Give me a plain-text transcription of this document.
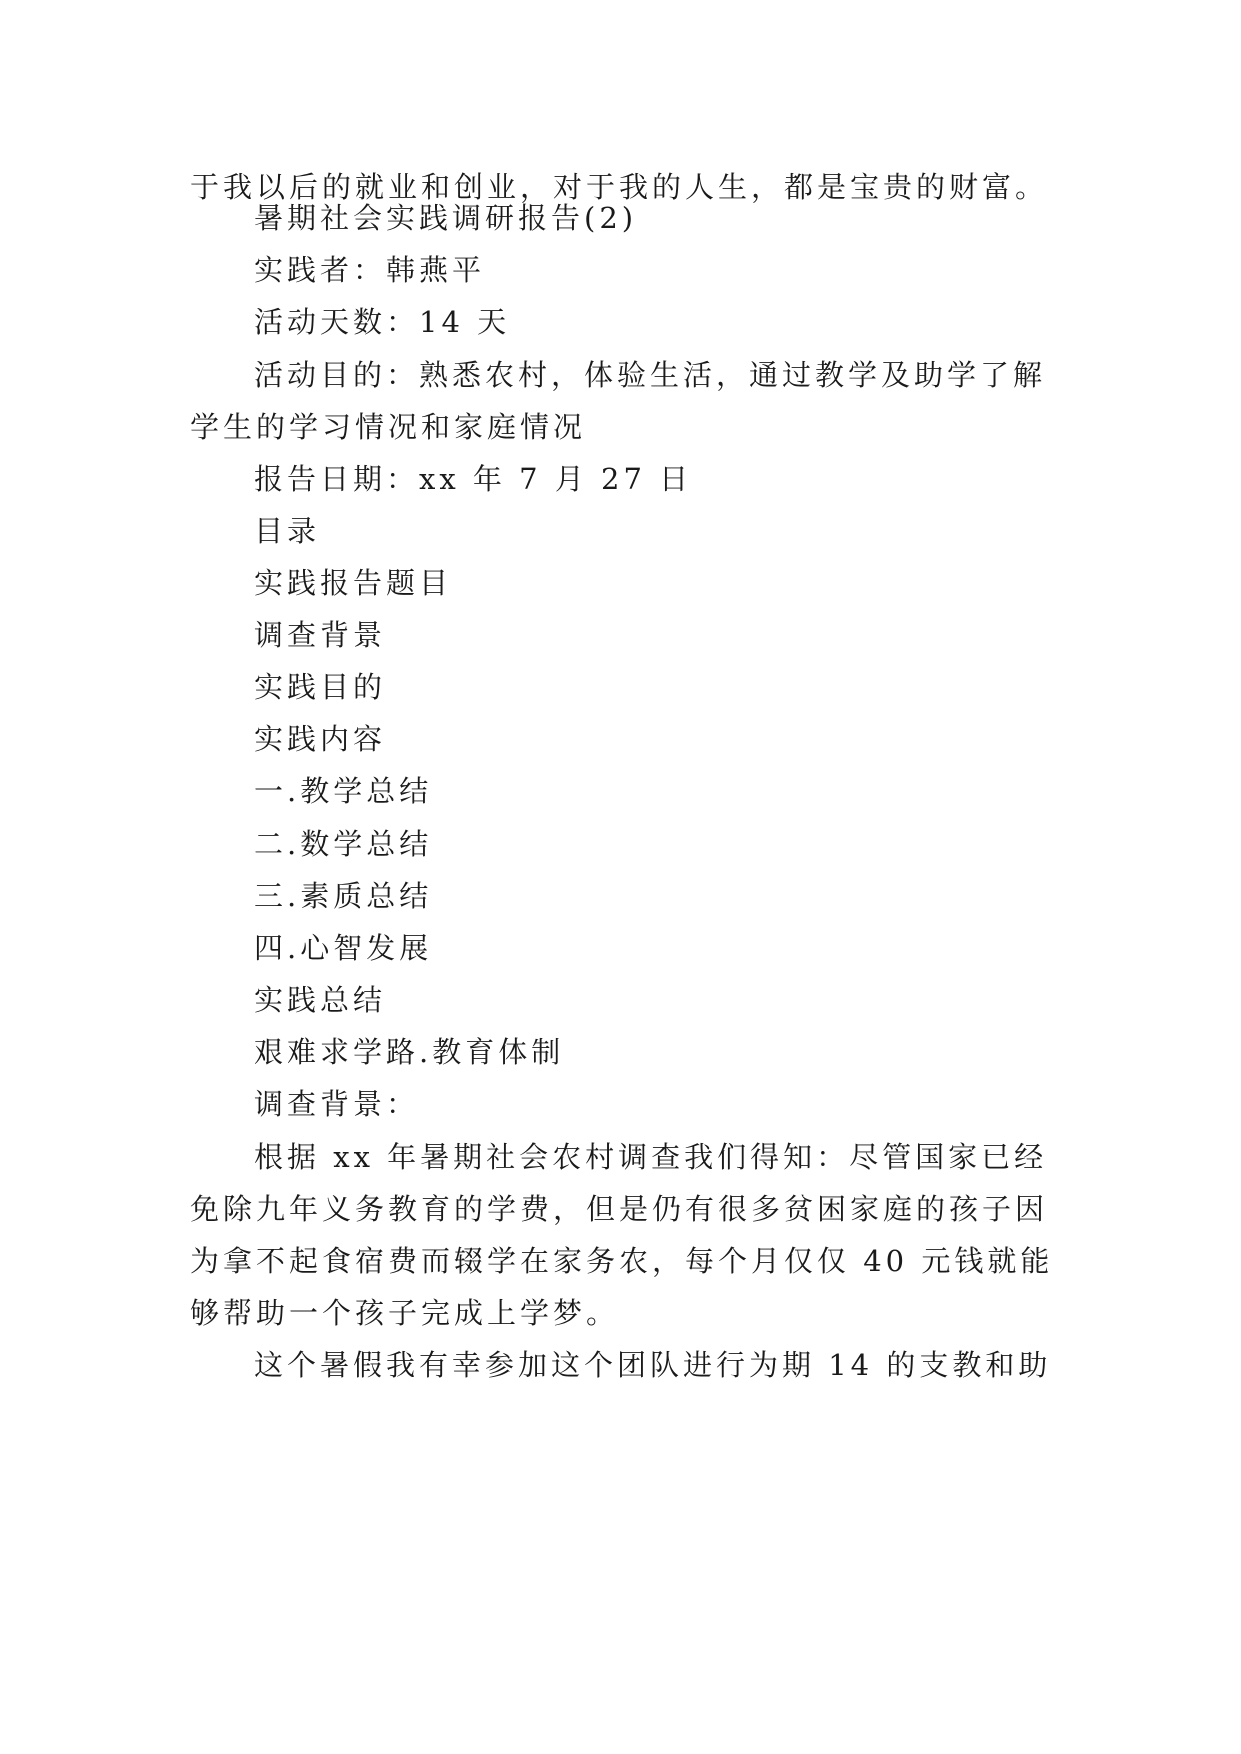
于我以后的就业和创业，对于我的人生，都是宝贵的财富。
暑期社会实践调研报告(2)
实践者：韩燕平
活动天数：14 天
活动目的：熟悉农村，体验生活，通过教学及助学了解
学生的学习情况和家庭情况
报告日期：xx 年 7 月 27 日
目录
实践报告题目
调查背景
实践目的
实践内容
一.教学总结
二.数学总结
三.素质总结
四.心智发展
实践总结
艰难求学路.教育体制
调查背景：
根据 xx 年暑期社会农村调查我们得知：尽管国家已经
免除九年义务教育的学费，但是仍有很多贫困家庭的孩子因
为拿不起食宿费而辍学在家务农，每个月仅仅 40 元钱就能
够帮助一个孩子完成上学梦。
这个暑假我有幸参加这个团队进行为期 14 的支教和助
